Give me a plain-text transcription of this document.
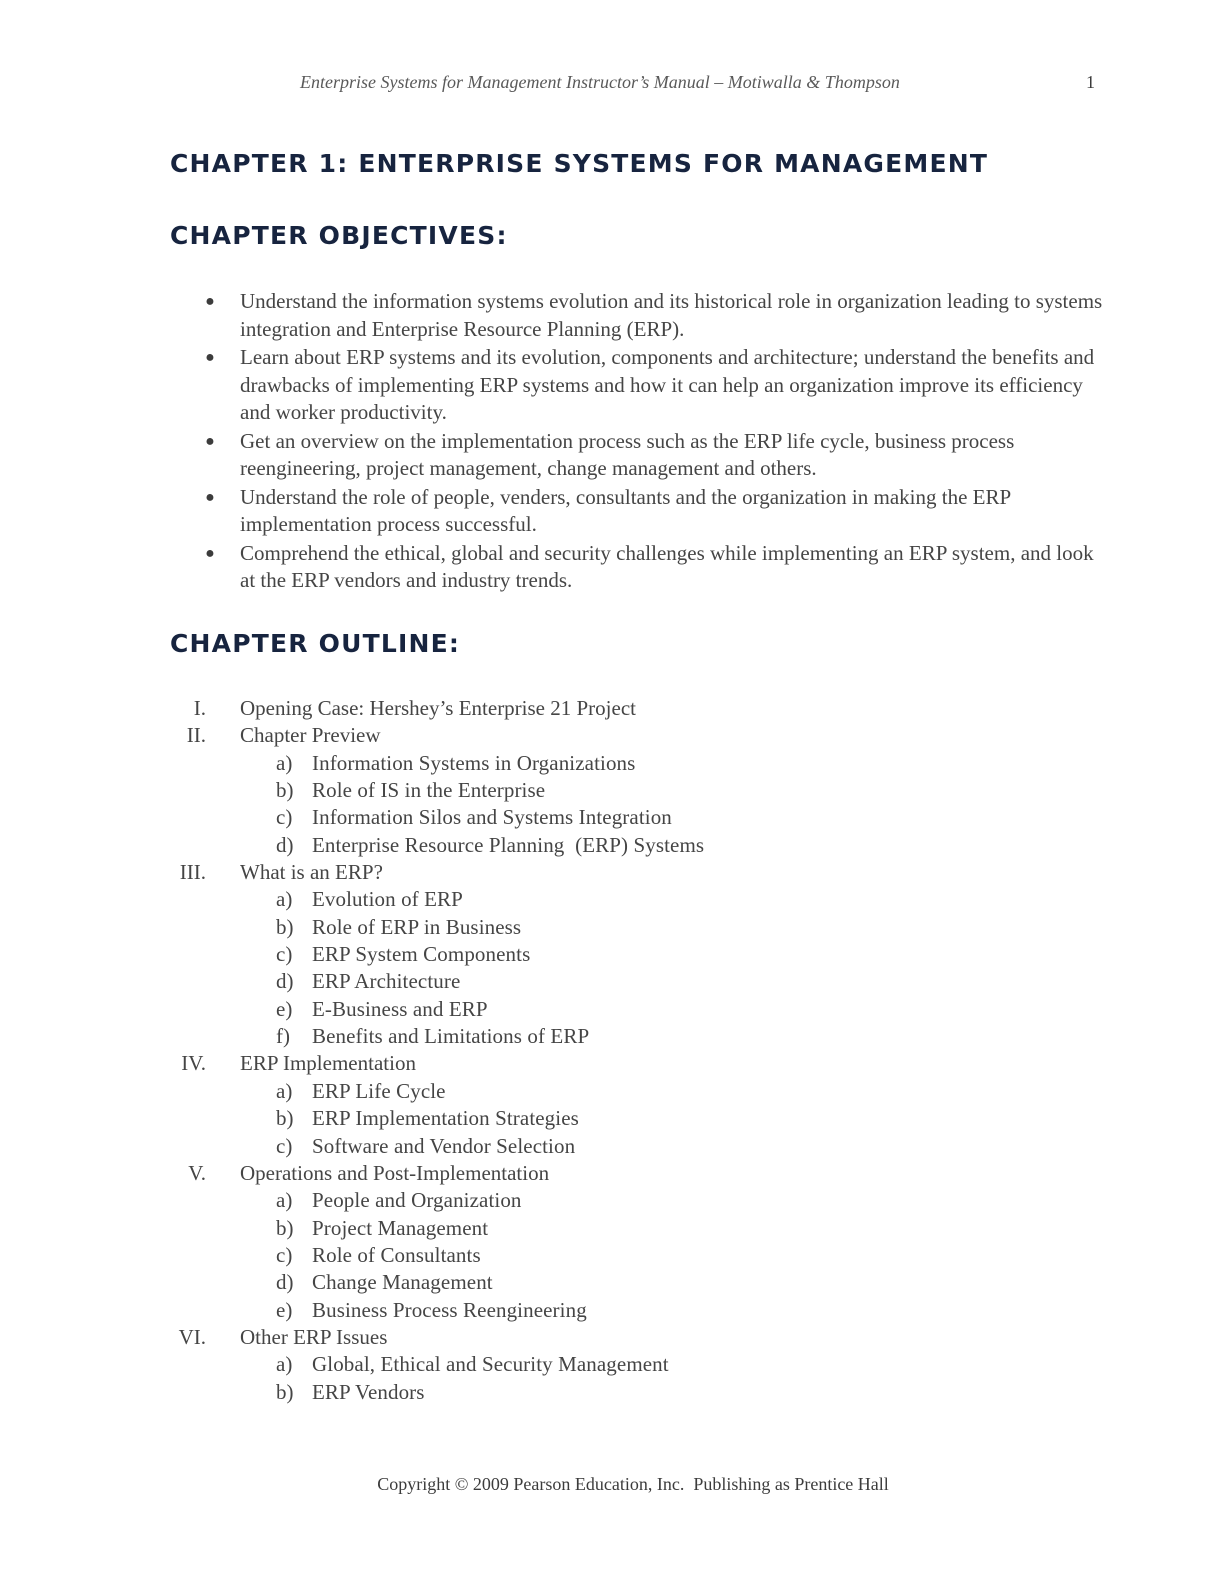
Enterprise Systems for Management Instructor’s Manual – Motiwalla & Thompson	1
CHAPTER 1: ENTERPRISE SYSTEMS FOR MANAGEMENT
CHAPTER OBJECTIVES:
● Understand the information systems evolution and its historical role in organization leading to systems integration and Enterprise Resource Planning (ERP).
● Learn about ERP systems and its evolution, components and architecture; understand the benefits and drawbacks of implementing ERP systems and how it can help an organization improve its efficiency and worker productivity.
● Get an overview on the implementation process such as the ERP life cycle, business process reengineering, project management, change management and others.
● Understand the role of people, venders, consultants and the organization in making the ERP implementation process successful.
● Comprehend the ethical, global and security challenges while implementing an ERP system, and look at the ERP vendors and industry trends.
CHAPTER OUTLINE:
I. Opening Case: Hershey’s Enterprise 21 Project
II. Chapter Preview
a) Information Systems in Organizations
b) Role of IS in the Enterprise
c) Information Silos and Systems Integration
d) Enterprise Resource Planning  (ERP) Systems
III. What is an ERP?
a) Evolution of ERP
b) Role of ERP in Business
c) ERP System Components
d) ERP Architecture
e) E-Business and ERP
f) Benefits and Limitations of ERP
IV. ERP Implementation
a) ERP Life Cycle
b) ERP Implementation Strategies
c) Software and Vendor Selection
V. Operations and Post-Implementation
a) People and Organization
b) Project Management
c) Role of Consultants
d) Change Management
e) Business Process Reengineering
VI. Other ERP Issues
a) Global, Ethical and Security Management
b) ERP Vendors
Copyright © 2009 Pearson Education, Inc.  Publishing as Prentice Hall
